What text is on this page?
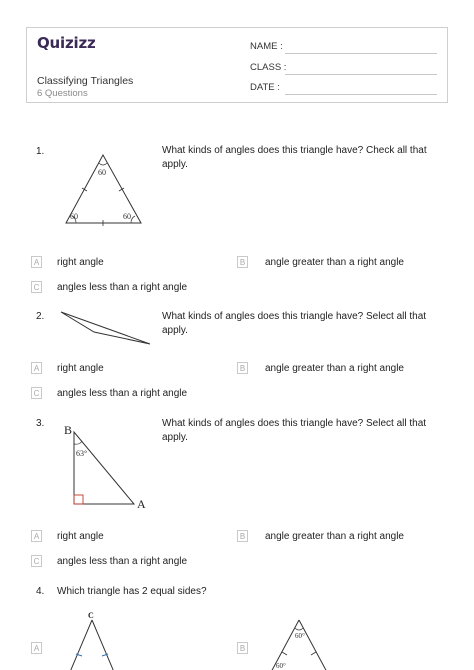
Quizizz
Classifying Triangles
6 Questions
NAME :
CLASS :
DATE :
1.
60
60	60
What kinds of angles does this triangle have? Check all that
apply.
A right angle	B angle greater than a right angle
C angles less than a right angle
2.	What kinds of angles does this triangle have? Select all that
apply.
A right angle	B angle greater than a right angle
C angles less than a right angle
3. B
A
63°
What kinds of angles does this triangle have? Select all that
apply.
A right angle	B angle greater than a right angle
C angles less than a right angle
4. Which triangle has 2 equal sides?
A
C
B
60°
60°
